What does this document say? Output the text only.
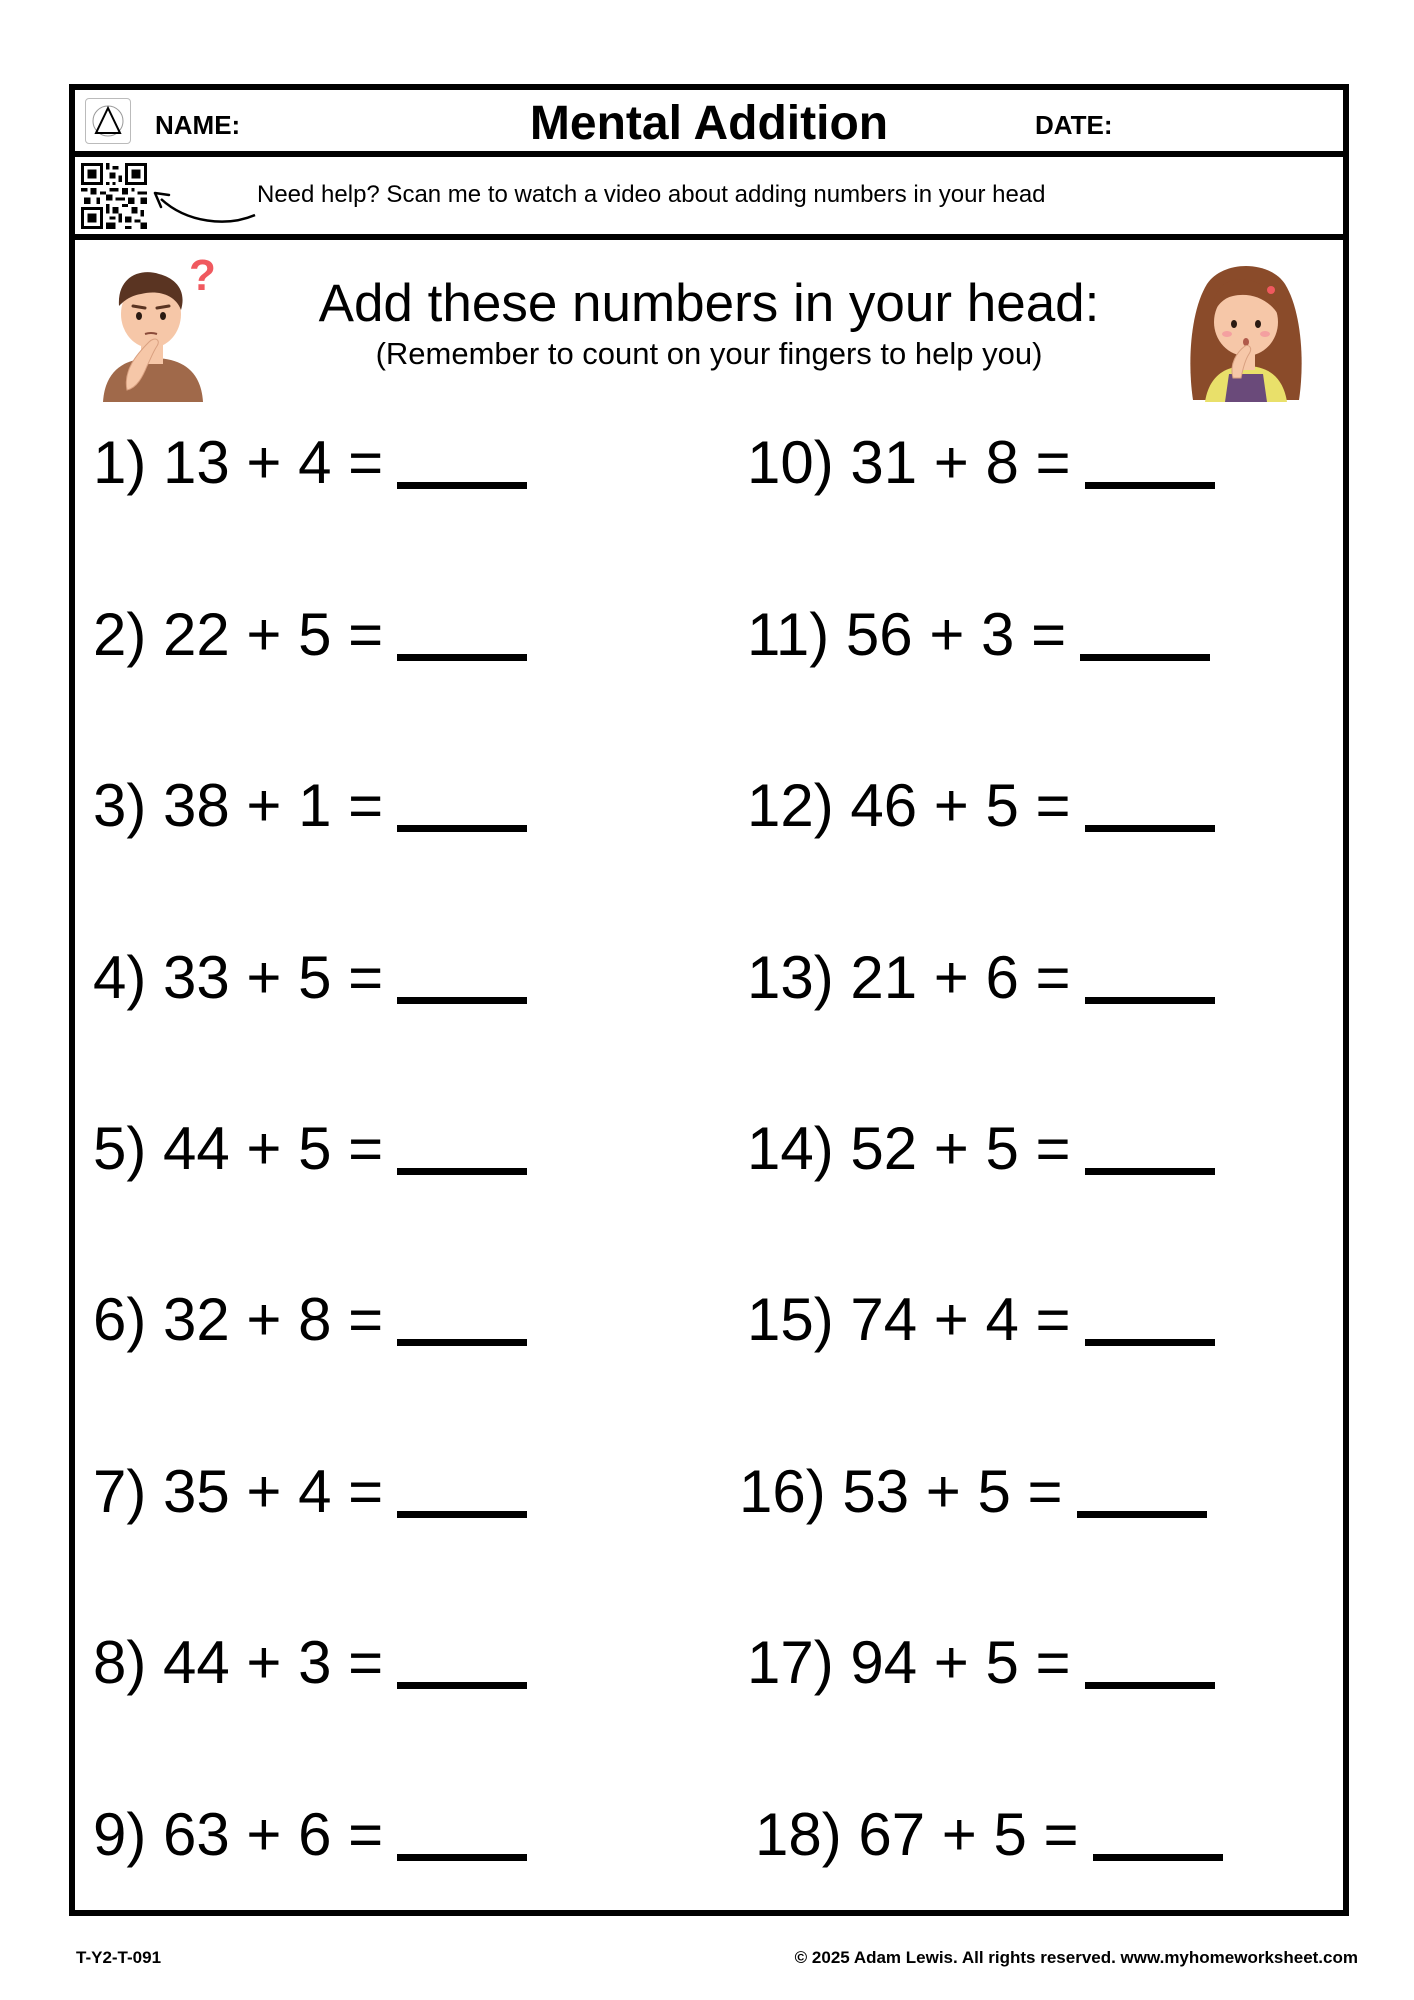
NAME:	Mental Addition	DATE:
Need help? Scan me to watch a video about adding numbers in your head
?	Add these numbers in your head:
(Remember to count on your fingers to help you)
1) 13 + 4 =
2) 22 + 5 =
3) 38 + 1 =
4) 33 + 5 =
5) 44 + 5 =
6) 32 + 8 =
7) 35 + 4 =
8) 44 + 3 =
9) 63 + 6 =
10) 31 + 8 =
11) 56 + 3 =
12) 46 + 5 =
13) 21 + 6 =
14) 52 + 5 =
15) 74 + 4 =
16) 53 + 5 =
17) 94 + 5 =
18) 67 + 5 =
T-Y2-T-091	© 2025 Adam Lewis. All rights reserved. www.myhomeworksheet.com
